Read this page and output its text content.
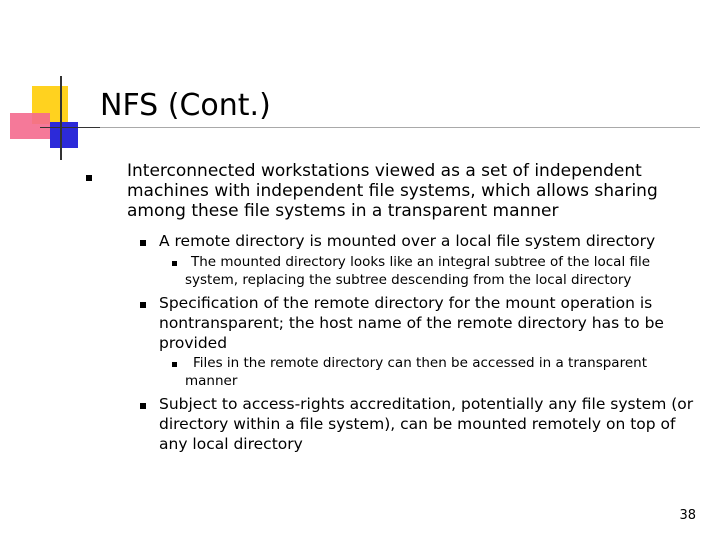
NFS (Cont.)

Interconnected workstations viewed as a set of independent machines with independent file systems, which allows sharing among these file systems in a transparent manner

A remote directory is mounted over a local file system directory

The mounted directory looks like an integral subtree of the local file system, replacing the subtree descending from the local directory

Specification of the remote directory for the mount operation is nontransparent; the host name of the remote directory has to be provided

Files in the remote directory can then be accessed in a transparent manner

Subject to access-rights accreditation, potentially any file system (or directory within a file system), can be mounted remotely on top of any local directory

38
